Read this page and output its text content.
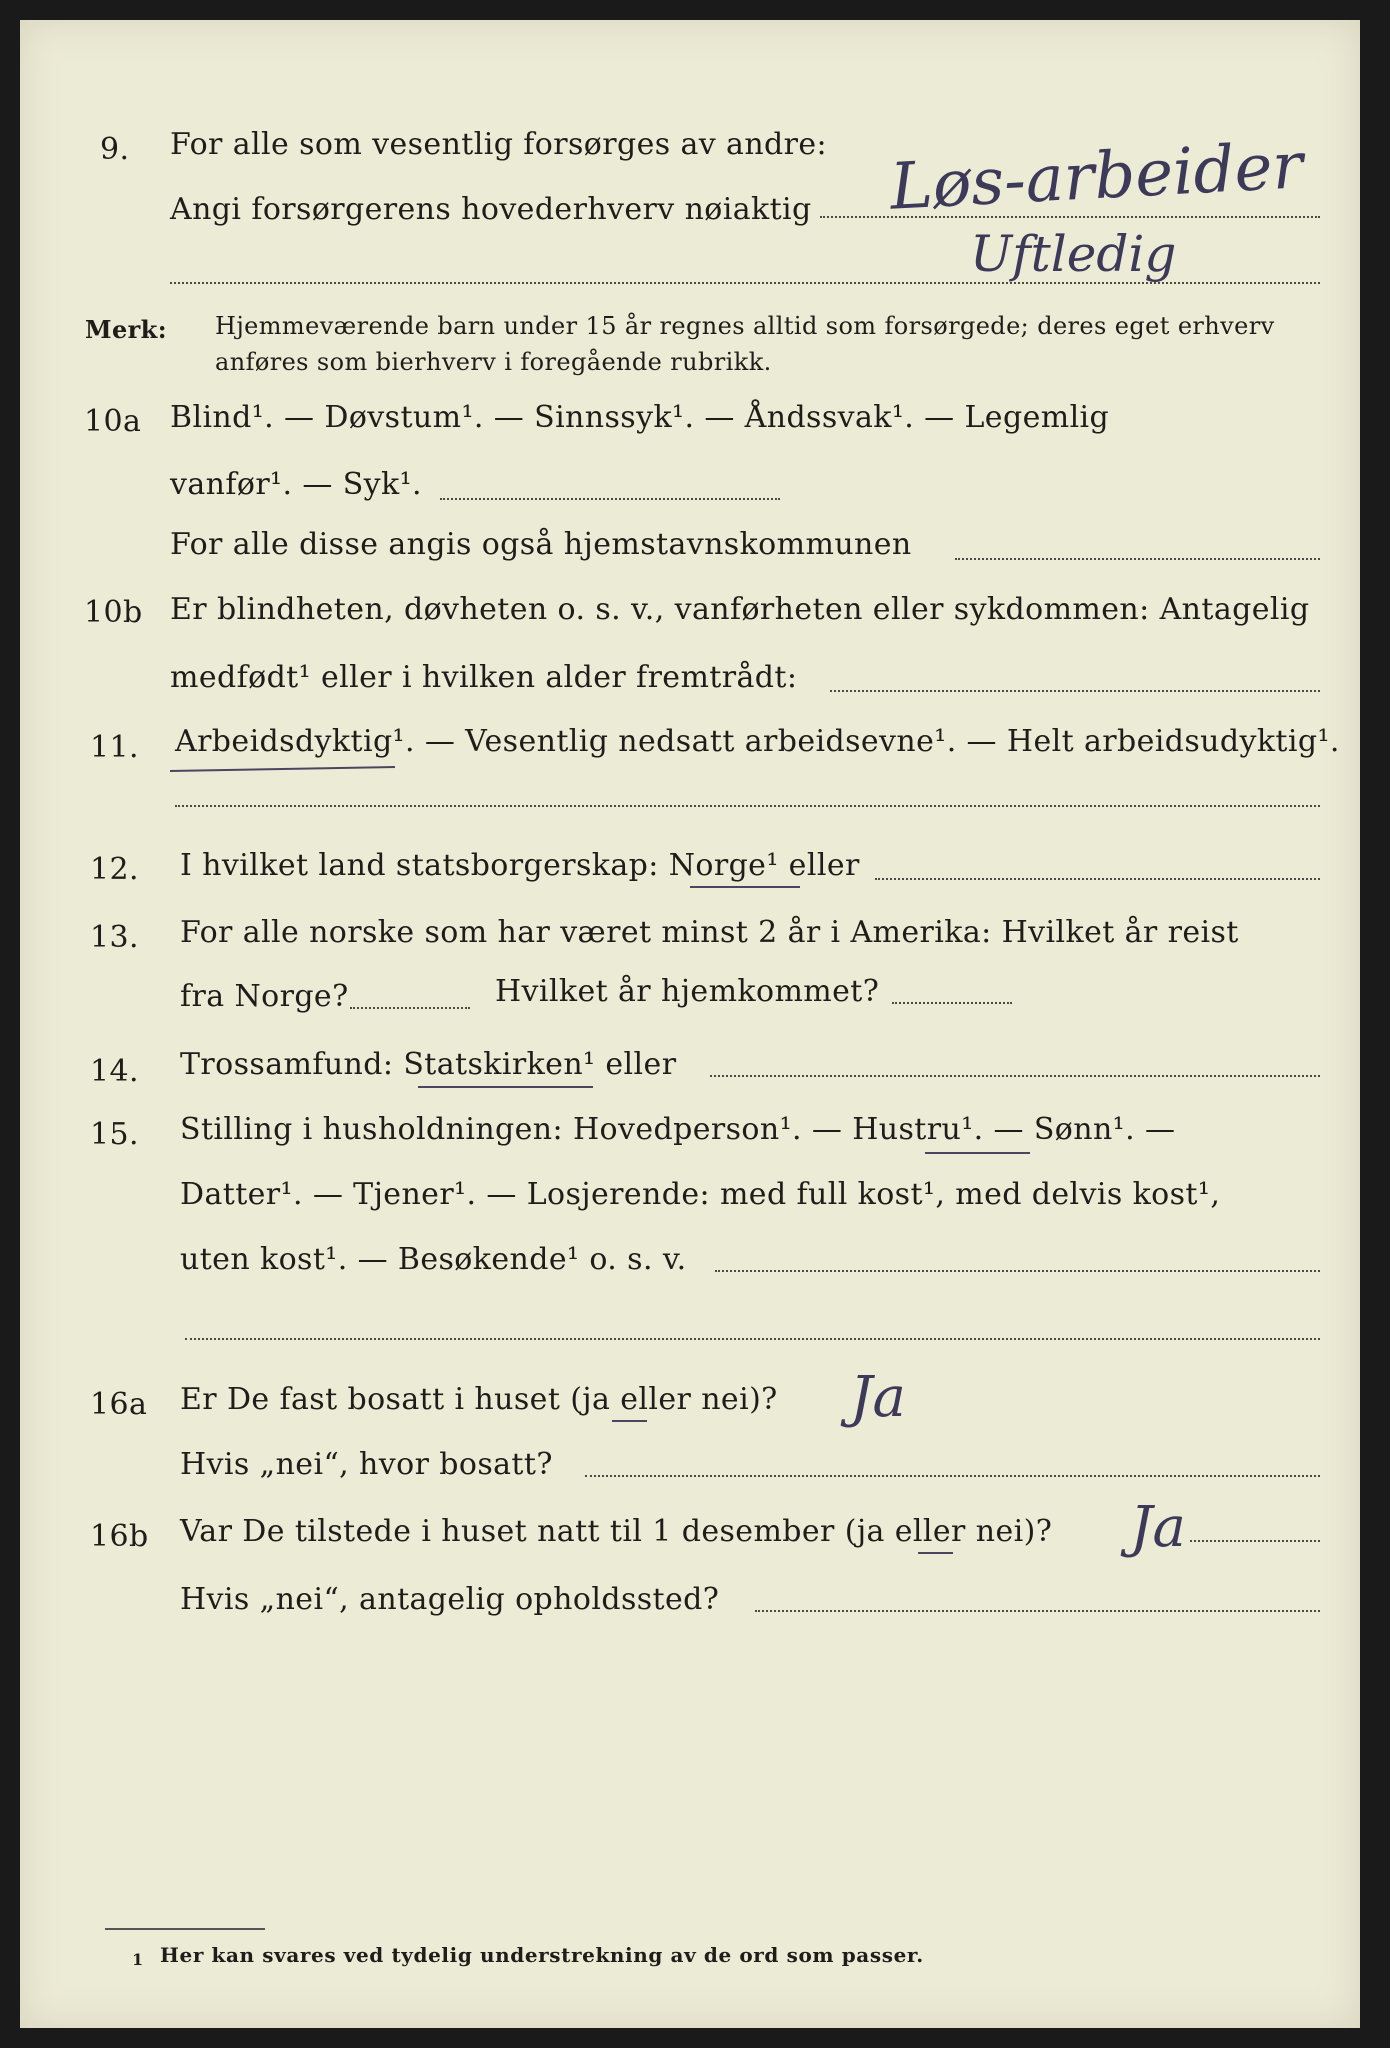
9. For alle som vesentlig forsørges av andre:
Angi forsørgerens hovederhverv nøiaktig Løs-arbeider
Uftledig
Merk: Hjemmeværende barn under 15 år regnes alltid som forsørgede; deres eget erhverv
anføres som bierhverv i foregående rubrikk.
10a Blind¹. — Døvstum¹. — Sinnssyk¹. — Åndssvak¹. — Legemlig
vanfør¹. — Syk¹.
For alle disse angis også hjemstavnskommunen
10b Er blindheten, døvheten o. s. v., vanførheten eller sykdommen: Antagelig
medfødt¹ eller i hvilken alder fremtrådt:
11. Arbeidsdyktig¹. — Vesentlig nedsatt arbeidsevne¹. — Helt arbeidsudyktig¹.
12. I hvilket land statsborgerskap: Norge¹ eller
13. For alle norske som har været minst 2 år i Amerika: Hvilket år reist
fra Norge?	Hvilket år hjemkommet?
14. Trossamfund: Statskirken¹ eller
15. Stilling i husholdningen: Hovedperson¹. — Hustru¹. — Sønn¹. —
Datter¹. — Tjener¹. — Losjerende: med full kost¹, med delvis kost¹,
uten kost¹. — Besøkende¹ o. s. v.
16a Er De fast bosatt i huset (ja eller nei)? Ja
Hvis „nei“, hvor bosatt?
16b Var De tilstede i huset natt til 1 desember (ja eller nei)? Ja
Hvis „nei“, antagelig opholdssted?
1 Her kan svares ved tydelig understrekning av de ord som passer.
